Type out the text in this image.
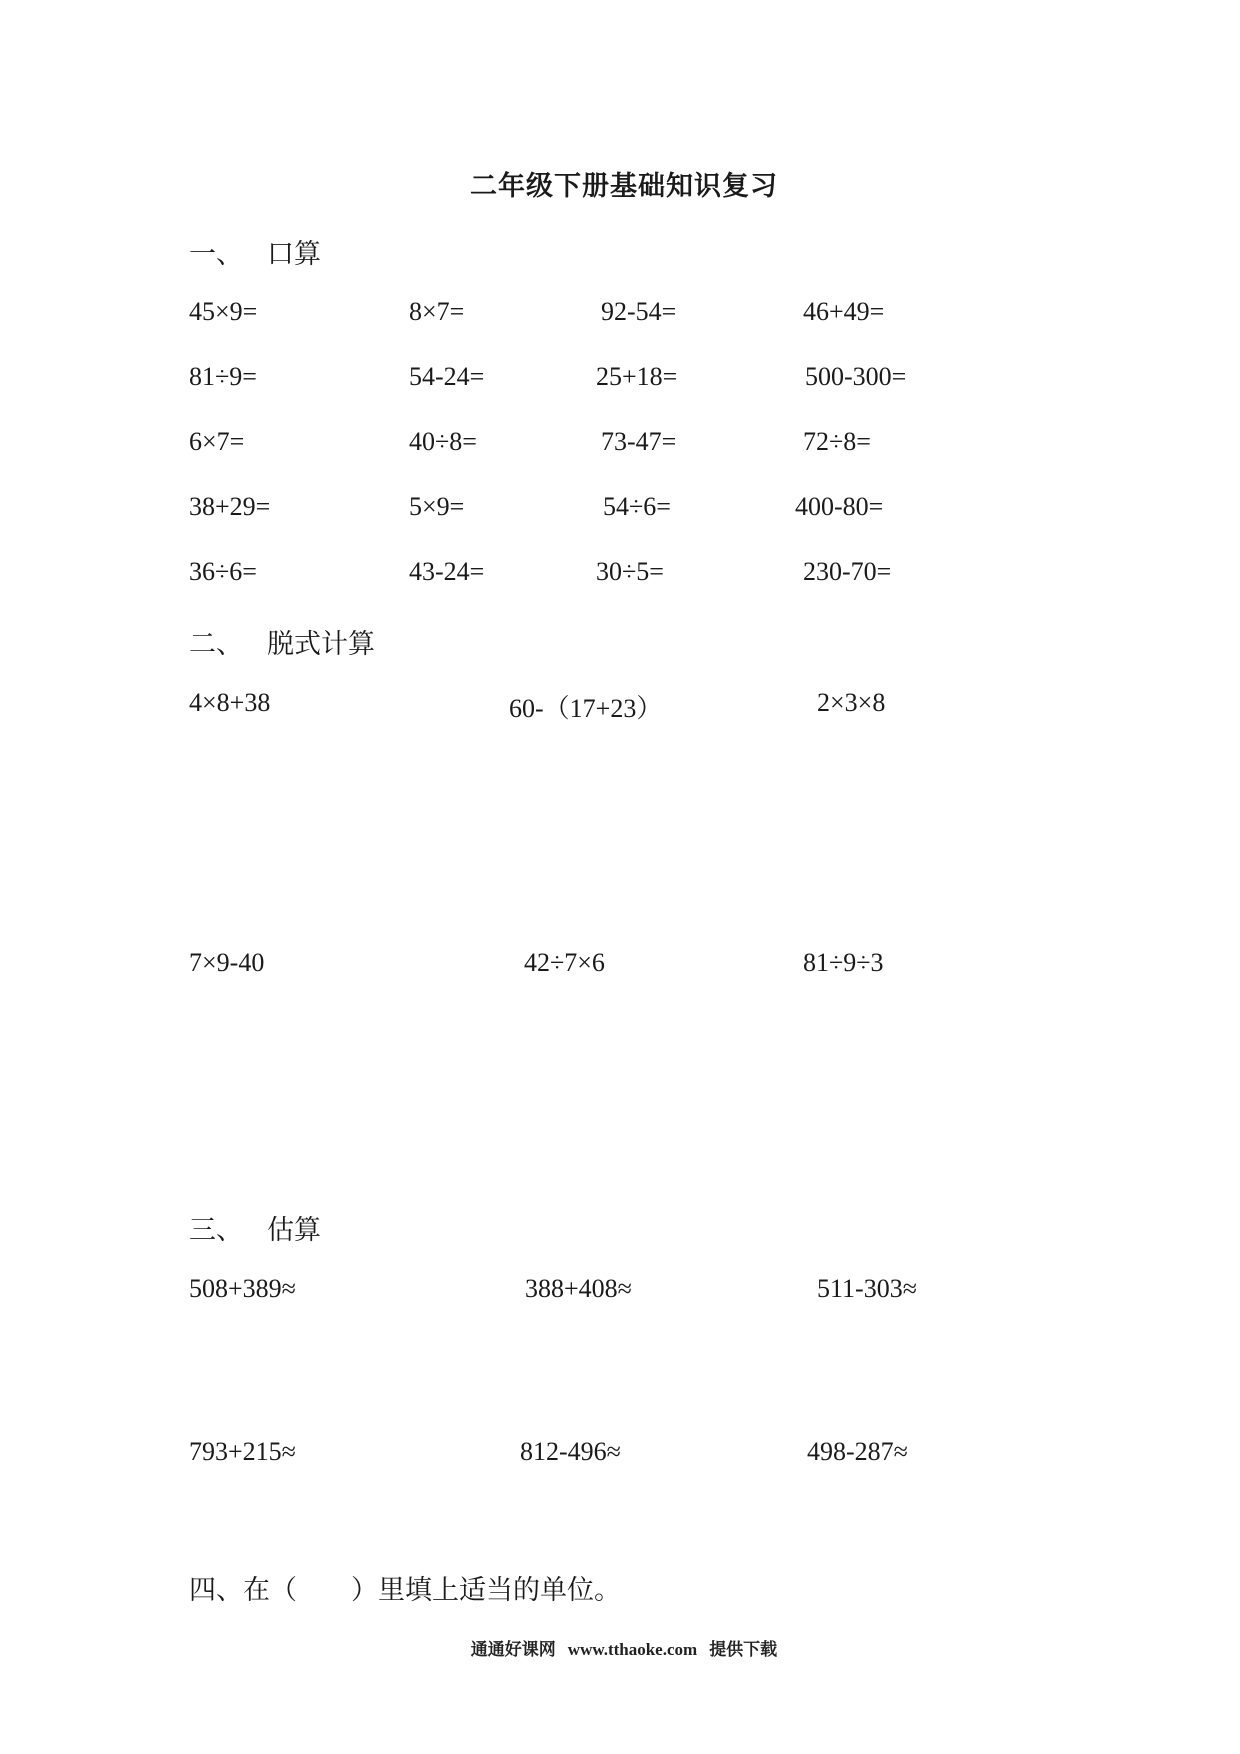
二年级下册基础知识复习
一、 口算
45×9=	8×7=	92-54=	46+49=
81÷9=	54-24=	25+18=	500-300=
6×7=	40÷8=	73-47=	72÷8=
38+29=	5×9=	54÷6=	400-80=
36÷6=	43-24=	30÷5=	230-70=
二、 脱式计算
4×8+38	60-（17+23）	2×3×8
7×9-40	42÷7×6	81÷9÷3
三、 估算
508+389≈	388+408≈	511-303≈
793+215≈	812-496≈	498-287≈
四、在（　　）里填上适当的单位。
通通好课网 www.tthaoke.com 提供下载
